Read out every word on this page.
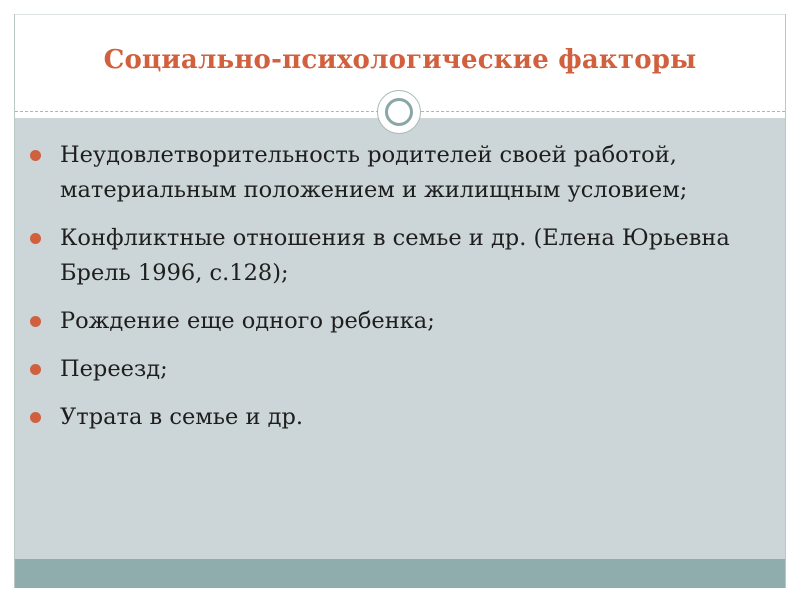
Социально-психологические факторы
Неудовлетворительность родителей своей работой, материальным положением и жилищным условием;
Конфликтные отношения в семье и др. (Елена Юрьевна Брель 1996, с.128);
Рождение еще одного ребенка;
Переезд;
Утрата в семье и др.
